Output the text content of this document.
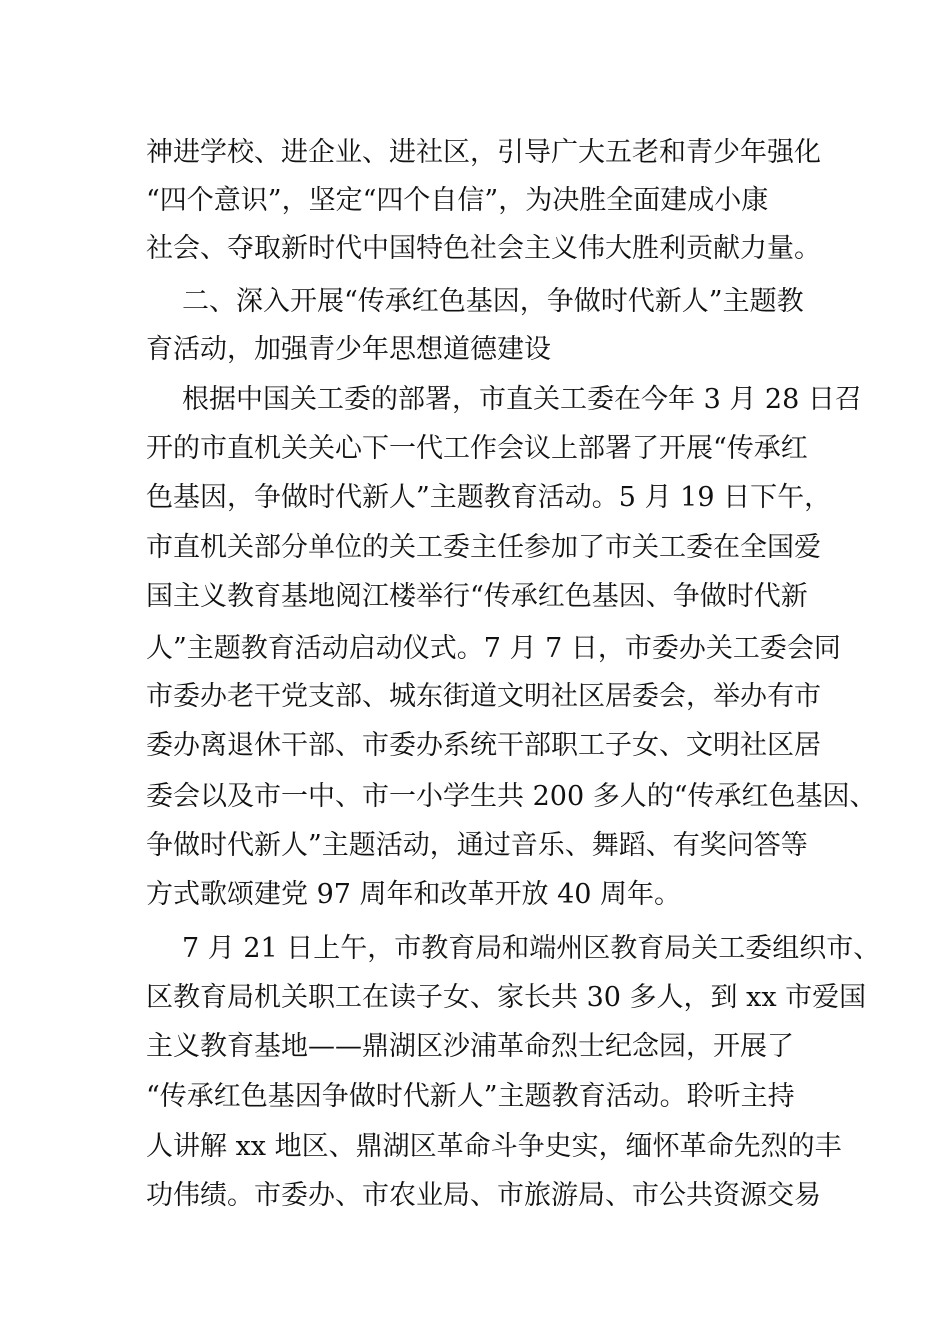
神进学校、进企业、进社区，引导广大五老和青少年强化
“四个意识”，坚定“四个自信”，为决胜全面建成小康
社会、夺取新时代中国特色社会主义伟大胜利贡献力量。
二、深入开展“传承红色基因，争做时代新人”主题教
育活动，加强青少年思想道德建设
根据中国关工委的部署，市直关工委在今年 3 月 28 日召
开的市直机关关心下一代工作会议上部署了开展“传承红
色基因，争做时代新人”主题教育活动。5 月 19 日下午，
市直机关部分单位的关工委主任参加了市关工委在全国爱
国主义教育基地阅江楼举行“传承红色基因、争做时代新
人”主题教育活动启动仪式。7 月 7 日，市委办关工委会同
市委办老干党支部、城东街道文明社区居委会，举办有市
委办离退休干部、市委办系统干部职工子女、文明社区居
委会以及市一中、市一小学生共 200 多人的“传承红色基因、
争做时代新人”主题活动，通过音乐、舞蹈、有奖问答等
方式歌颂建党 97 周年和改革开放 40 周年。
7 月 21 日上午，市教育局和端州区教育局关工委组织市、
区教育局机关职工在读子女、家长共 30 多人，到 xx 市爱国
主义教育基地——鼎湖区沙浦革命烈士纪念园，开展了
“传承红色基因争做时代新人”主题教育活动。聆听主持
人讲解 xx 地区、鼎湖区革命斗争史实，缅怀革命先烈的丰
功伟绩。市委办、市农业局、市旅游局、市公共资源交易
